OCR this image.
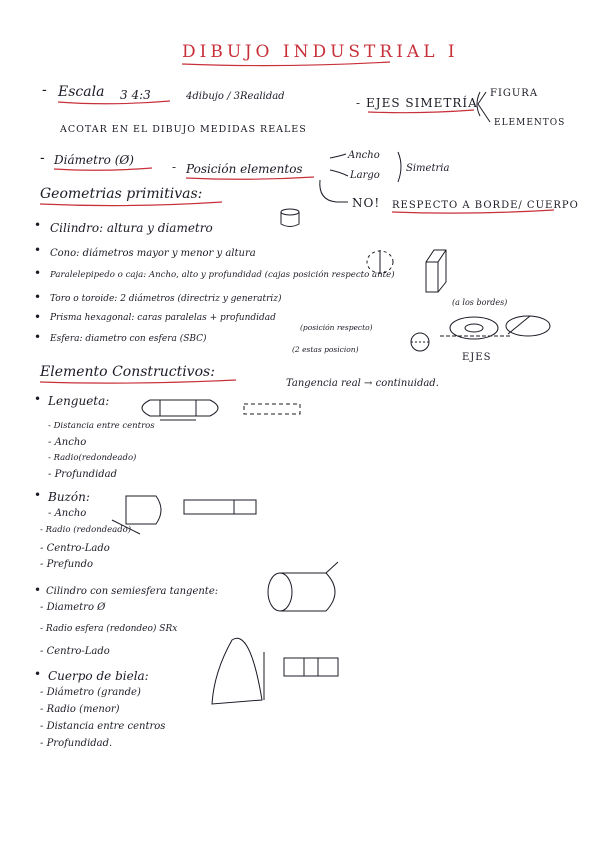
DIBUJO INDUSTRIAL I
- Escala 3 4:3	4dibujo / 3Realidad
ACOTAR EN EL DIBUJO MEDIDAS REALES
- EJES SIMETRÍA
FIGURA
ELEMENTOS
- Diámetro (Ø)	- Posición elementos
Ancho
Largo
Simetria
NO! RESPECTO A BORDE/ CUERPO
Geometrias primitivas:
• Cilindro: altura y diametro
• Cono: diámetros mayor y menor y altura
• Paralelepipedo o caja: Ancho, alto y profundidad (cajas posición respecto ante)
• Toro o toroide: 2 diámetros (directriz y generatriz)	(a los bordes)
• Prisma hexagonal: caras paralelas + profundidad
(posición respecto)
• Esfera: diametro con esfera (SBC)
(2 estas posicion)
EJES
Elemento Constructivos:
Tangencia real → continuidad.
• Lengueta:
- Distancia entre centros
- Ancho
- Radio(redondeado)
- Profundidad
• Buzón:
- Ancho
- Radio (redondeado)
- Centro-Lado
- Prefundo
• Cilindro con semiesfera tangente:
- Diametro Ø
- Radio esfera (redondeo) SRx
- Centro-Lado
• Cuerpo de biela:
- Diámetro (grande)
- Radio (menor)
- Distancia entre centros
- Profundidad.
